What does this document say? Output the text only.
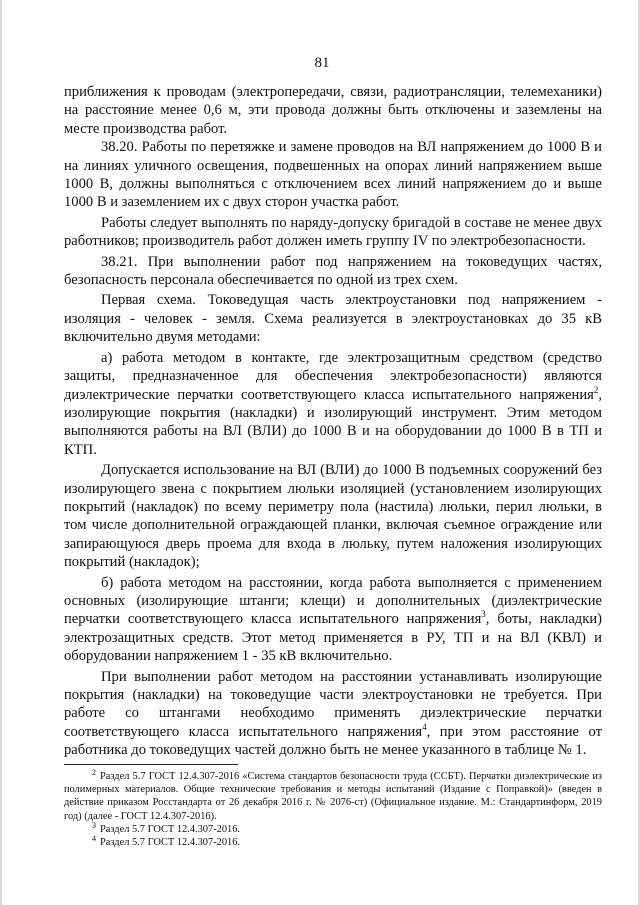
81

приближения к проводам (электропередачи, связи, радиотрансляции, телемеханики) на расстояние менее 0,6 м, эти провода должны быть отключены и заземлены на месте производства работ.

38.20. Работы по перетяжке и замене проводов на ВЛ напряжением до 1000 В и на линиях уличного освещения, подвешенных на опорах линий напряжением выше 1000 В, должны выполняться с отключением всех линий напряжением до и выше 1000 В и заземлением их с двух сторон участка работ.

Работы следует выполнять по наряду-допуску бригадой в составе не менее двух работников; производитель работ должен иметь группу IV по электробезопасности.

38.21. При выполнении работ под напряжением на токоведущих частях, безопасность персонала обеспечивается по одной из трех схем.

Первая схема. Токоведущая часть электроустановки под напряжением - изоляция - человек - земля. Схема реализуется в электроустановках до 35 кВ включительно двумя методами:

а) работа методом в контакте, где электрозащитным средством (средство защиты, предназначенное для обеспечения электробезопасности) являются диэлектрические перчатки соответствующего класса испытательного напряжения$^2$, изолирующие покрытия (накладки) и изолирующий инструмент. Этим методом выполняются работы на ВЛ (ВЛИ) до 1000 В и на оборудовании до 1000 В в ТП и КТП.

Допускается использование на ВЛ (ВЛИ) до 1000 В подъемных сооружений без изолирующего звена с покрытием люльки изоляцией (установлением изолирующих покрытий (накладок) по всему периметру пола (настила) люльки, перил люльки, в том числе дополнительной ограждающей планки, включая съемное ограждение или запирающуюся дверь проема для входа в люльку, путем наложения изолирующих покрытий (накладок);

б) работа методом на расстоянии, когда работа выполняется с применением основных (изолирующие штанги; клещи) и дополнительных (диэлектрические перчатки соответствующего класса испытательного напряжения$^3$, боты, накладки) электрозащитных средств. Этот метод применяется в РУ, ТП и на ВЛ (КВЛ) и оборудовании напряжением 1 - 35 кВ включительно.

При выполнении работ методом на расстоянии устанавливать изолирующие покрытия (накладки) на токоведущие части электроустановки не требуется. При работе со штангами необходимо применять диэлектрические перчатки соответствующего класса испытательного напряжения$^4$, при этом расстояние от работника до токоведущих частей должно быть не менее указанного в таблице № 1.

$^2$ Раздел 5.7 ГОСТ 12.4.307-2016 «Система стандартов безопасности труда (ССБТ). Перчатки диэлектрические из полимерных материалов. Общие технические требования и методы испытаний (Издание с Поправкой)» (введен в действие приказом Росстандарта от 26 декабря 2016 г. № 2076-ст) (Официальное издание. М.: Стандартинформ, 2019 год) (далее - ГОСТ 12.4.307-2016).

$^3$ Раздел 5.7 ГОСТ 12.4.307-2016.

$^4$ Раздел 5.7 ГОСТ 12.4.307-2016.
